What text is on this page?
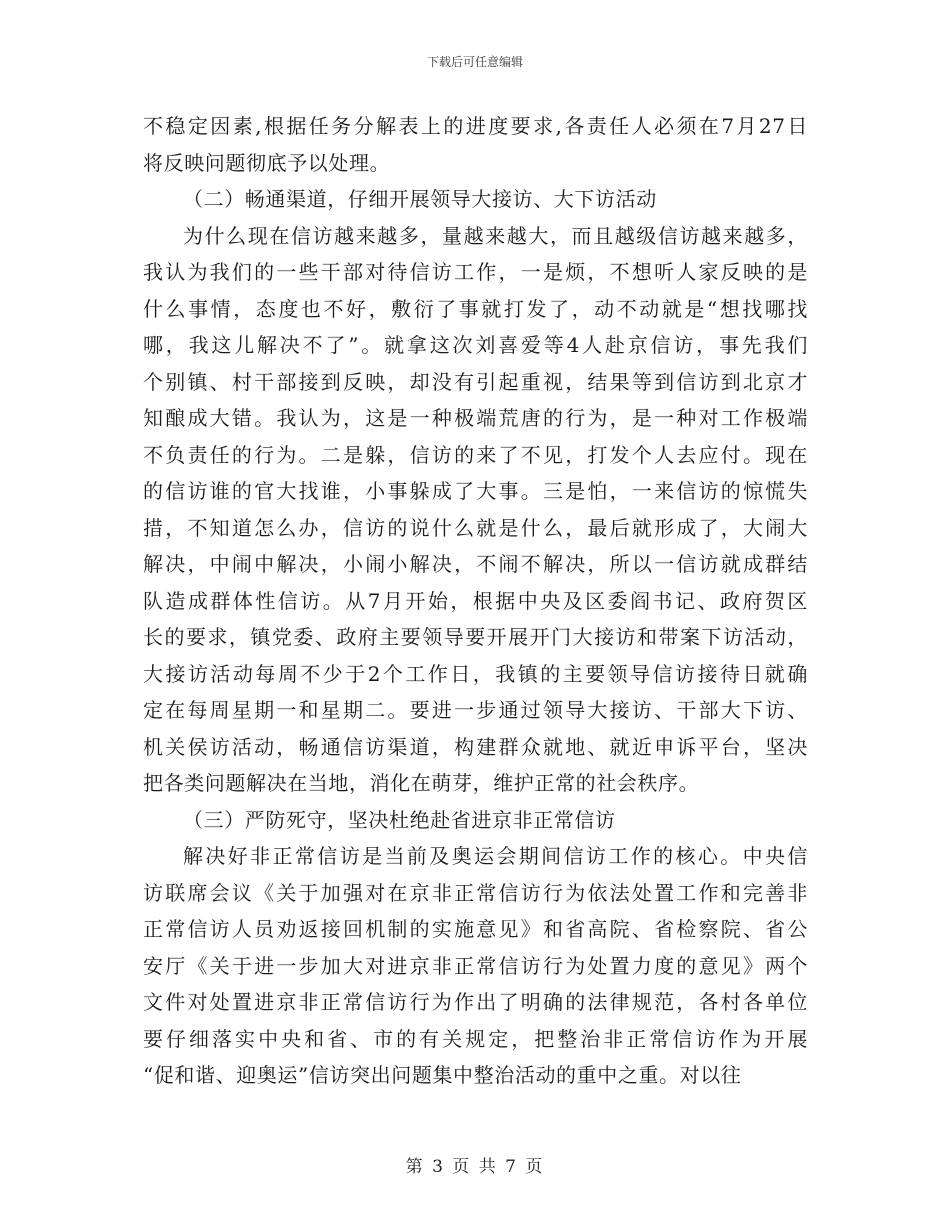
下载后可任意编辑
不稳定因素,根据任务分解表上的进度要求,各责任人必须在7月27日
将反映问题彻底予以处理。
（二）畅通渠道，仔细开展领导大接访、大下访活动
为什么现在信访越来越多，量越来越大，而且越级信访越来越多，
我认为我们的一些干部对待信访工作，一是烦，不想听人家反映的是
什么事情，态度也不好，敷衍了事就打发了，动不动就是“想找哪找
哪，我这儿解决不了”。就拿这次刘喜爱等4人赴京信访，事先我们
个别镇、村干部接到反映，却没有引起重视，结果等到信访到北京才
知酿成大错。我认为，这是一种极端荒唐的行为，是一种对工作极端
不负责任的行为。二是躲，信访的来了不见，打发个人去应付。现在
的信访谁的官大找谁，小事躲成了大事。三是怕，一来信访的惊慌失
措，不知道怎么办，信访的说什么就是什么，最后就形成了，大闹大
解决，中闹中解决，小闹小解决，不闹不解决，所以一信访就成群结
队造成群体性信访。从7月开始，根据中央及区委阎书记、政府贺区
长的要求，镇党委、政府主要领导要开展开门大接访和带案下访活动，
大接访活动每周不少于2个工作日，我镇的主要领导信访接待日就确
定在每周星期一和星期二。要进一步通过领导大接访、干部大下访、
机关侯访活动，畅通信访渠道，构建群众就地、就近申诉平台，坚决
把各类问题解决在当地，消化在萌芽，维护正常的社会秩序。
（三）严防死守，坚决杜绝赴省进京非正常信访
解决好非正常信访是当前及奥运会期间信访工作的核心。中央信
访联席会议《关于加强对在京非正常信访行为依法处置工作和完善非
正常信访人员劝返接回机制的实施意见》和省高院、省检察院、省公
安厅《关于进一步加大对进京非正常信访行为处置力度的意见》两个
文件对处置进京非正常信访行为作出了明确的法律规范，各村各单位
要仔细落实中央和省、市的有关规定，把整治非正常信访作为开展
“促和谐、迎奥运”信访突出问题集中整治活动的重中之重。对以往
第 3 页 共 7 页
